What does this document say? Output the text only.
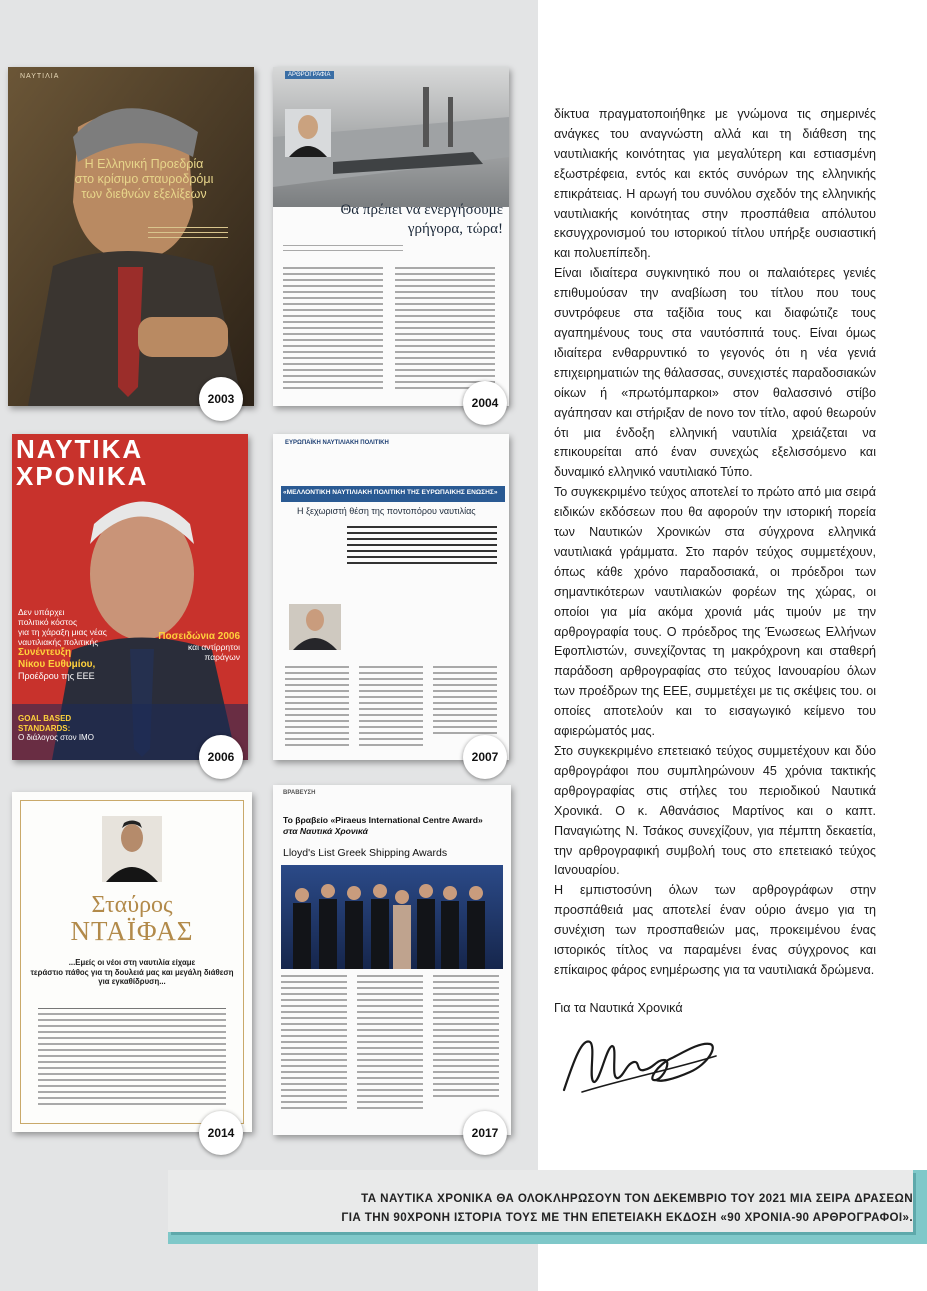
ΝΑΥΤΙΛΙΑ
Η Ελληνική Προεδρία
στο κρίσιμο σταυροδρόμι
των διεθνών εξελίξεων
2003
ΑΡΘΡΟΓΡΑΦΙΑ
Θα πρέπει να ενεργήσουμε
γρήγορα, τώρα!
2004
ΝΑΥΤΙΚΑ
ΧΡΟΝΙΚΑ
Δεν υπάρχει
πολιτικό κόστος
για τη χάραξη μιας νέας
ναυτιλιακής πολιτικής
Συνέντευξη
Νίκου Ευθυμίου,
Προέδρου της ΕΕΕ
Ποσειδώνια 2006
και αντίρρητοι
παράγων
GOAL BASED
STANDARDS:
Ο διάλογος στον IMO
2006
ΕΥΡΩΠΑΪΚΗ ΝΑΥΤΙΛΙΑΚΗ ΠΟΛΙΤΙΚΗ
«ΜΕΛΛΟΝΤΙΚΗ ΝΑΥΤΙΛΙΑΚΗ ΠΟΛΙΤΙΚΗ ΤΗΣ ΕΥΡΩΠΑΪΚΗΣ ΕΝΩΣΗΣ»
Η ξεχωριστή θέση της ποντοπόρου ναυτιλίας
2007
Σταύρος
ΝΤΑΪΦΑΣ
...Εμείς οι νέοι στη ναυτιλία είχαμε
τεράστιο πάθος για τη δουλειά μας και μεγάλη διάθεση
για εγκαθίδρυση...
2014
ΒΡΑΒΕΥΣΗ
Το βραβείο «Piraeus International Centre Award»
στα Ναυτικά Χρονικά
Lloyd's List Greek Shipping Awards
2017

δίκτυα πραγματοποιήθηκε με γνώμονα τις σημερινές ανάγκες του αναγνώστη αλλά και τη διάθεση της ναυτιλιακής κοινότητας για μεγαλύτερη και εστιασμένη εξωστρέφεια, εντός και εκτός συνόρων της ελληνικής επικράτειας. Η αρωγή του συνόλου σχεδόν της ελληνικής ναυτιλιακής κοινότητας στην προσπάθεια απόλυτου εκσυγχρονισμού του ιστορικού τίτλου υπήρξε ουσιαστική και πολυεπίπεδη.

Είναι ιδιαίτερα συγκινητικό που οι παλαιότερες γενιές επιθυμούσαν την αναβίωση του τίτλου που τους συντρόφευε στα ταξίδια τους και διαφώτιζε τους αγαπημένους τους στα ναυτόσπιτά τους. Είναι όμως ιδιαίτερα ενθαρρυντικό το γεγονός ότι η νέα γενιά επιχειρηματιών της θάλασσας, συνεχιστές παραδοσιακών οίκων ή «πρωτόμπαρκοι» στον θαλασσινό στίβο αγάπησαν και στήριξαν de novo τον τίτλο, αφού θεωρούν ότι μια ένδοξη ελληνική ναυτιλία χρειάζεται να επικουρείται από έναν συνεχώς εξελισσόμενο και δυναμικό ελληνικό ναυτιλιακό Τύπο.

Το συγκεκριμένο τεύχος αποτελεί το πρώτο από μια σειρά ειδικών εκδόσεων που θα αφορούν την ιστορική πορεία των Ναυτικών Χρονικών στα σύγχρονα ελληνικά ναυτιλιακά γράμματα. Στο παρόν τεύχος συμμετέχουν, όπως κάθε χρόνο παραδοσιακά, οι πρόεδροι των σημαντικότερων ναυτιλιακών φορέων της χώρας, οι οποίοι για μία ακόμα χρονιά μάς τιμούν με την αρθρογραφία τους. Ο πρόεδρος της Ένωσεως Ελλήνων Εφοπλιστών, συνεχίζοντας τη μακρόχρονη και σταθερή παράδοση αρθρογραφίας στο τεύχος Ιανουαρίου όλων των προέδρων της ΕΕΕ, συμμετέχει με τις σκέψεις του. οι οποίες αποτελούν και το εισαγωγικό κείμενο του αφιερώματός μας.

Στο συγκεκριμένο επετειακό τεύχος συμμετέχουν και δύο αρθρογράφοι που συμπληρώνουν 45 χρόνια τακτικής αρθρογραφίας στις στήλες του περιοδικού Ναυτικά Χρονικά. Ο κ. Αθανάσιος Μαρτίνος και ο καπτ. Παναγιώτης Ν. Τσάκος συνεχίζουν, για πέμπτη δεκαετία, την αρθρογραφική συμβολή τους στο επετειακό τεύχος Ιανουαρίου.

Η εμπιστοσύνη όλων των αρθρογράφων στην προσπάθειά μας αποτελεί έναν ούριο άνεμο για τη συνέχιση των προσπαθειών μας, προκειμένου ένας ιστορικός τίτλος να παραμένει ένας σύγχρονος και επίκαιρος φάρος ενημέρωσης για τα ναυτιλιακά δρώμενα.

Για τα Ναυτικά Χρονικά
ΤΑ ΝΑΥΤΙΚΑ ΧΡΟΝΙΚΑ ΘΑ ΟΛΟΚΛΗΡΩΣΟΥΝ ΤΟΝ ΔΕΚΕΜΒΡΙΟ ΤΟΥ 2021 ΜΙΑ ΣΕΙΡΑ ΔΡΑΣΕΩΝ
ΓΙΑ ΤΗΝ 90ΧΡΟΝΗ ΙΣΤΟΡΙΑ ΤΟΥΣ ΜΕ ΤΗΝ ΕΠΕΤΕΙΑΚΗ ΕΚΔΟΣΗ «90 ΧΡΟΝΙΑ-90 ΑΡΘΡΟΓΡΑΦΟΙ».
